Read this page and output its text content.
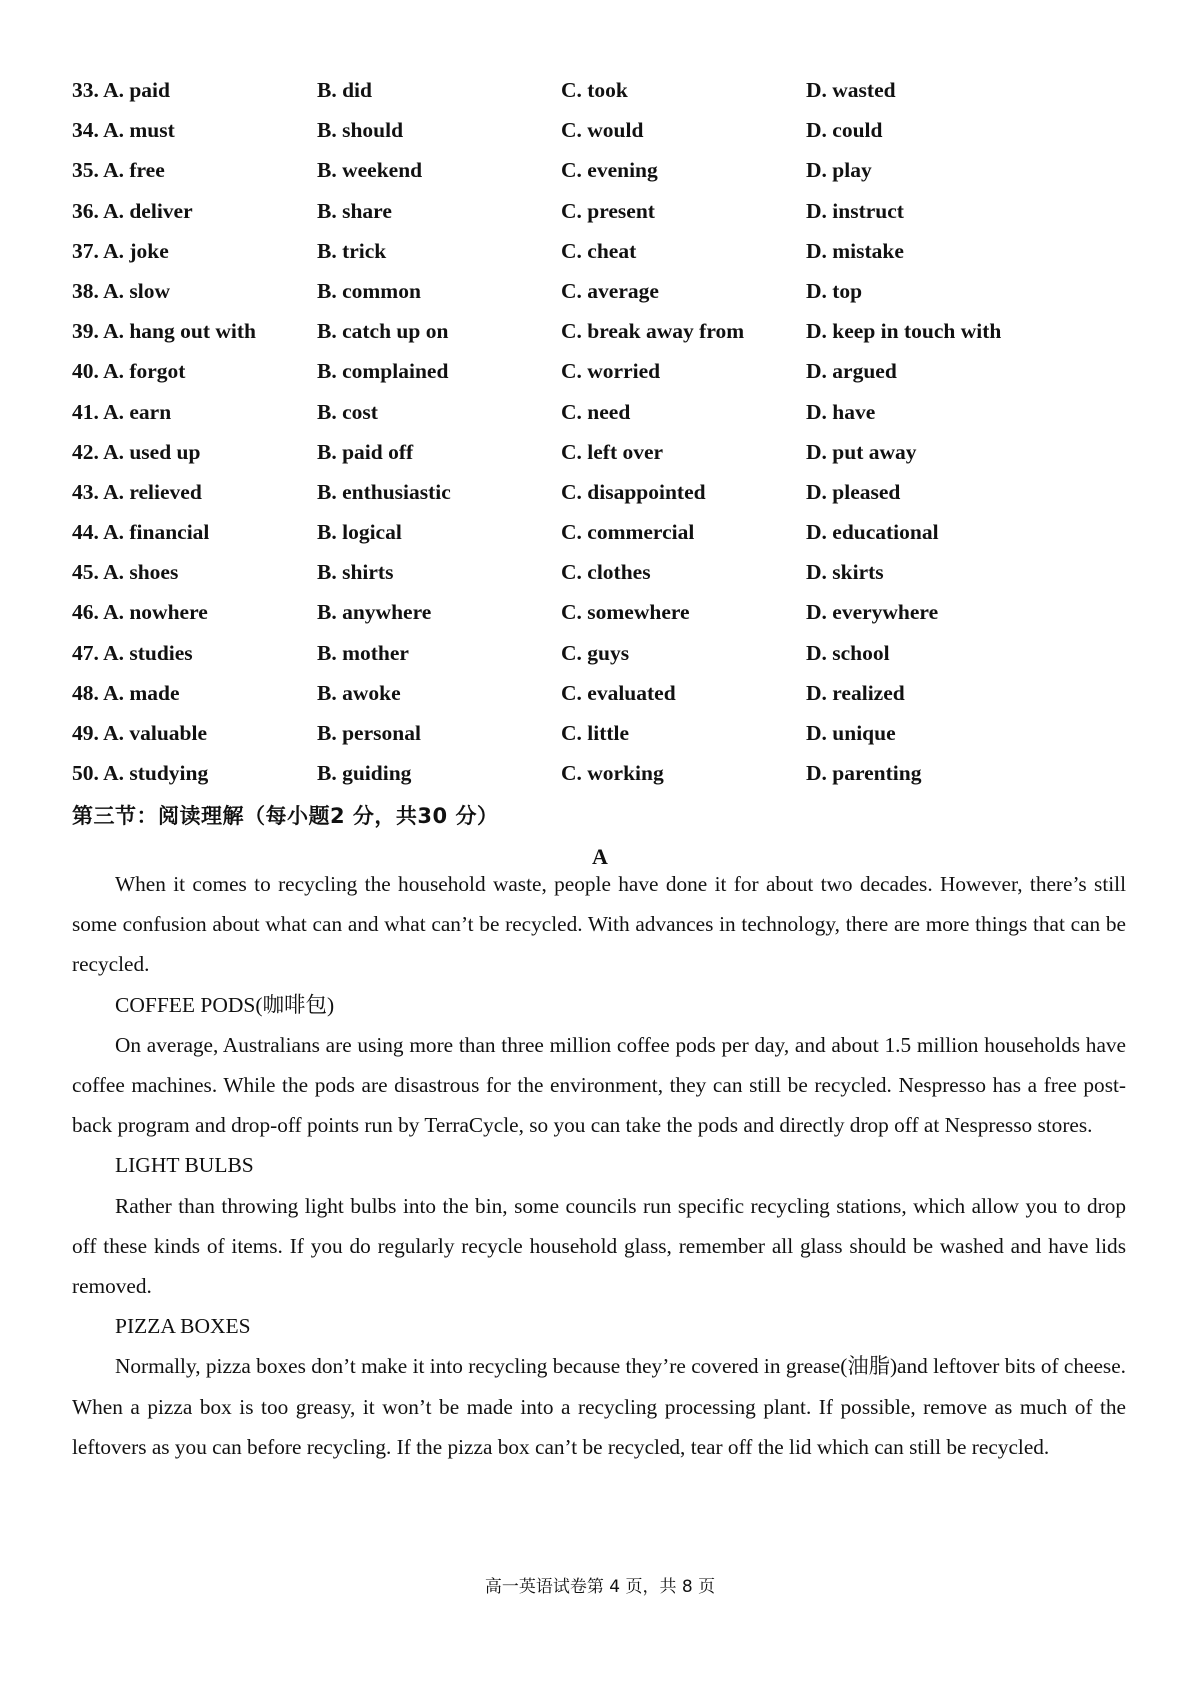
33. A. paid	B. did	C. took	D. wasted
34. A. must	B. should	C. would	D. could
35. A. free	B. weekend	C. evening	D. play
36. A. deliver	B. share	C. present	D. instruct
37. A. joke	B. trick	C. cheat	D. mistake
38. A. slow	B. common	C. average	D. top
39. A. hang out with	B. catch up on	C. break away from	D. keep in touch with
40. A. forgot	B. complained	C. worried	D. argued
41. A. earn	B. cost	C. need	D. have
42. A. used up	B. paid off	C. left over	D. put away
43. A. relieved	B. enthusiastic	C. disappointed	D. pleased
44. A. financial	B. logical	C. commercial	D. educational
45. A. shoes	B. shirts	C. clothes	D. skirts
46. A. nowhere	B. anywhere	C. somewhere	D. everywhere
47. A. studies	B. mother	C. guys	D. school
48. A. made	B. awoke	C. evaluated	D. realized
49. A. valuable	B. personal	C. little	D. unique
50. A. studying	B. guiding	C. working	D. parenting
第三节：阅读理解（每小题2 分，共30 分）
A

When it comes to recycling the household waste, people have done it for about two decades. However, there’s still some confusion about what can and what can’t be recycled. With advances in technology, there are more things that can be recycled.

COFFEE PODS(咖啡包)

On average, Australians are using more than three million coffee pods per day, and about 1.5 million households have coffee machines. While the pods are disastrous for the environment, they can still be recycled. Nespresso has a free post-back program and drop-off points run by TerraCycle, so you can take the pods and directly drop off at Nespresso stores.

LIGHT BULBS

Rather than throwing light bulbs into the bin, some councils run specific recycling stations, which allow you to drop off these kinds of items. If you do regularly recycle household glass, remember all glass should be washed and have lids removed.

PIZZA BOXES

Normally, pizza boxes don’t make it into recycling because they’re covered in grease(油脂)and leftover bits of cheese. When a pizza box is too greasy, it won’t be made into a recycling processing plant. If possible, remove as much of the leftovers as you can before recycling. If the pizza box can’t be recycled, tear off the lid which can still be recycled.

高一英语试卷第 4 页，共 8 页
